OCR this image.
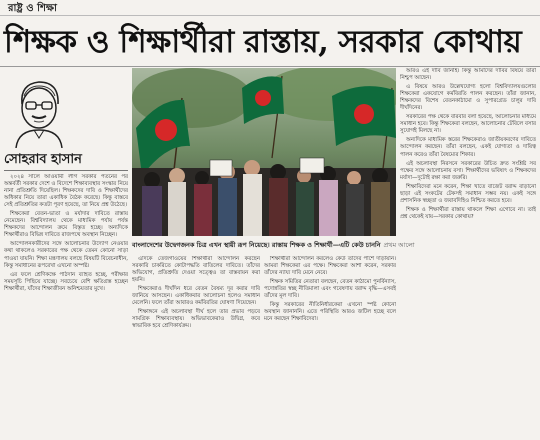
রাষ্ট্র ও শিক্ষা
শিক্ষক ও শিক্ষার্থীরা রাস্তায়, সরকার কোথায়
সোহরাব হাসান

২০২৪ সালে আওয়ামী লীগ সরকার পতনের পর অন্তর্বর্তী সরকার দেশে ও বিদেশে শিক্ষাব্যবস্থার সংস্কার নিয়ে নানা প্রতিশ্রুতি দিয়েছিল। শিক্ষকদের দাবি ও শিক্ষার্থীদের অধিকার নিয়ে তারা একাধিক বৈঠক করেছে। কিন্তু বাস্তবে সেই প্রতিশ্রুতির কতটা পূরণ হয়েছে, তা নিয়ে প্রশ্ন উঠেছে।

শিক্ষকেরা বেতন-ভাতা ও মর্যাদার দাবিতে রাস্তায় নেমেছেন। বিশ্ববিদ্যালয় থেকে মাধ্যমিক পর্যায় পর্যন্ত শিক্ষকদের আন্দোলন ক্রমে বিস্তৃত হচ্ছে। অন্যদিকে শিক্ষার্থীরাও বিভিন্ন দাবিতে রাজপথে অবস্থান নিচ্ছেন।

আন্দোলনকারীদের সঙ্গে আলোচনার উদ্যোগ নেওয়ার কথা থাকলেও সরকারের পক্ষ থেকে তেমন কোনো সাড়া পাওয়া যায়নি। শিক্ষা মন্ত্রণালয় বলছে বিষয়টি বিবেচনাধীন, কিন্তু সমাধানের রূপরেখা এখনো অস্পষ্ট।

এর ফলে শ্রেণিকক্ষে পাঠদান ব্যাহত হচ্ছে, পরীক্ষার সময়সূচি পিছিয়ে যাচ্ছে। সবচেয়ে বেশি ক্ষতিগ্রস্ত হচ্ছেন শিক্ষার্থীরা, যাঁদের শিক্ষাজীবন অনিশ্চয়তার মুখে।

বাংলাদেশের উদ্বেগজনক চিত্র এখন স্থায়ী রূপ নিয়েছে। রাস্তায় শিক্ষক ও শিক্ষার্থী—এটি কেউ চাননি প্রথম আলো

এদিকে তেজগাঁওয়ের শিক্ষার্থীরা আন্দোলন করছেন সরকারি চাকরিতে কোটাপদ্ধতি বাতিলের দাবিতে। তাঁদের অভিযোগ, প্রতিশ্রুতি দেওয়া সত্ত্বেও তা বাস্তবায়ন করা হয়নি।

শিক্ষকেরাও দীর্ঘদিন ধরে বেতন বৈষম্য দূর করার দাবি জানিয়ে আসছেন। একাধিকবার আলোচনা হলেও সমাধান মেলেনি। ফলে তাঁরা আবারও কর্মবিরতির ঘোষণা দিয়েছেন।

শিক্ষাঙ্গনে এই অচলাবস্থা দীর্ঘ হলে তার প্রভাব পড়বে সামগ্রিক শিক্ষাব্যবস্থায়। অভিভাবকেরাও উদ্বিগ্ন, কবে স্বাভাবিক হবে শ্রেণিকার্যক্রম।

শিক্ষার্থীরা আন্দোলন করলেও কেউ তাদের পাশে দাঁড়ায়নি। আমরা শিক্ষকেরা এর পক্ষে। শিক্ষকেরা আশা করেন, সরকার তাঁদের ন্যায্য দাবি মেনে নেবে।

শিক্ষক সমিতির নেতারা বলছেন, বেতন কাঠামো পুনর্বিন্যাস, পদোন্নতির স্বচ্ছ নীতিমালা এবং গবেষণায় বরাদ্দ বৃদ্ধি—এসবই তাঁদের মূল দাবি।

কিন্তু সরকারের নীতিনির্ধারকেরা এখনো স্পষ্ট কোনো অবস্থান জানাননি। এতে পরিস্থিতি আরও জটিল হচ্ছে বলে মনে করছেন শিক্ষাবিদেরা।

আরও এই দাবি জানাই। কিন্তু আমাদের দাবির বিষয়ে তাঁরা নিশ্চুপ আছেন।

এ বিষয়ে আরও উল্লেখযোগ্য হলো বিশ্ববিদ্যালয়গুলোর শিক্ষকেরা একযোগে কর্মবিরতি পালন করছেন। তাঁরা জানান, শিক্ষকদের বিশেষ বেতনকাঠামো ও সুপারগ্রেড চালুর দাবি দীর্ঘদিনের।

সরকারের পক্ষ থেকে বারবার বলা হয়েছে, আলোচনার মাধ্যমে সমাধান হবে। কিন্তু শিক্ষকেরা বলছেন, আলোচনার টেবিলে বসার সুযোগই মিলছে না।

অন্যদিকে মাধ্যমিক স্তরের শিক্ষকেরাও জাতীয়করণের দাবিতে আন্দোলন করছেন। তাঁরা বলছেন, একই যোগ্যতা ও দায়িত্ব পালন করেও তাঁরা বৈষম্যের শিকার।

এই অচলাবস্থা নিরসনে সরকারের উচিত দ্রুত সংশ্লিষ্ট সব পক্ষের সঙ্গে আলোচনায় বসা। শিক্ষার্থীদের ভবিষ্যৎ ও শিক্ষকদের মর্যাদা—দুটোই রক্ষা করা জরুরি।

শিক্ষাবিদেরা মনে করেন, শিক্ষা খাতে বাজেট বরাদ্দ বাড়ানো ছাড়া এই সংকটের টেকসই সমাধান সম্ভব নয়। একই সঙ্গে প্রশাসনিক স্বচ্ছতা ও জবাবদিহিও নিশ্চিত করতে হবে।

শিক্ষক ও শিক্ষার্থীরা রাস্তায় থাকলে শিক্ষা এগোবে না। তাই প্রশ্ন থেকেই যায়—সরকার কোথায়?
